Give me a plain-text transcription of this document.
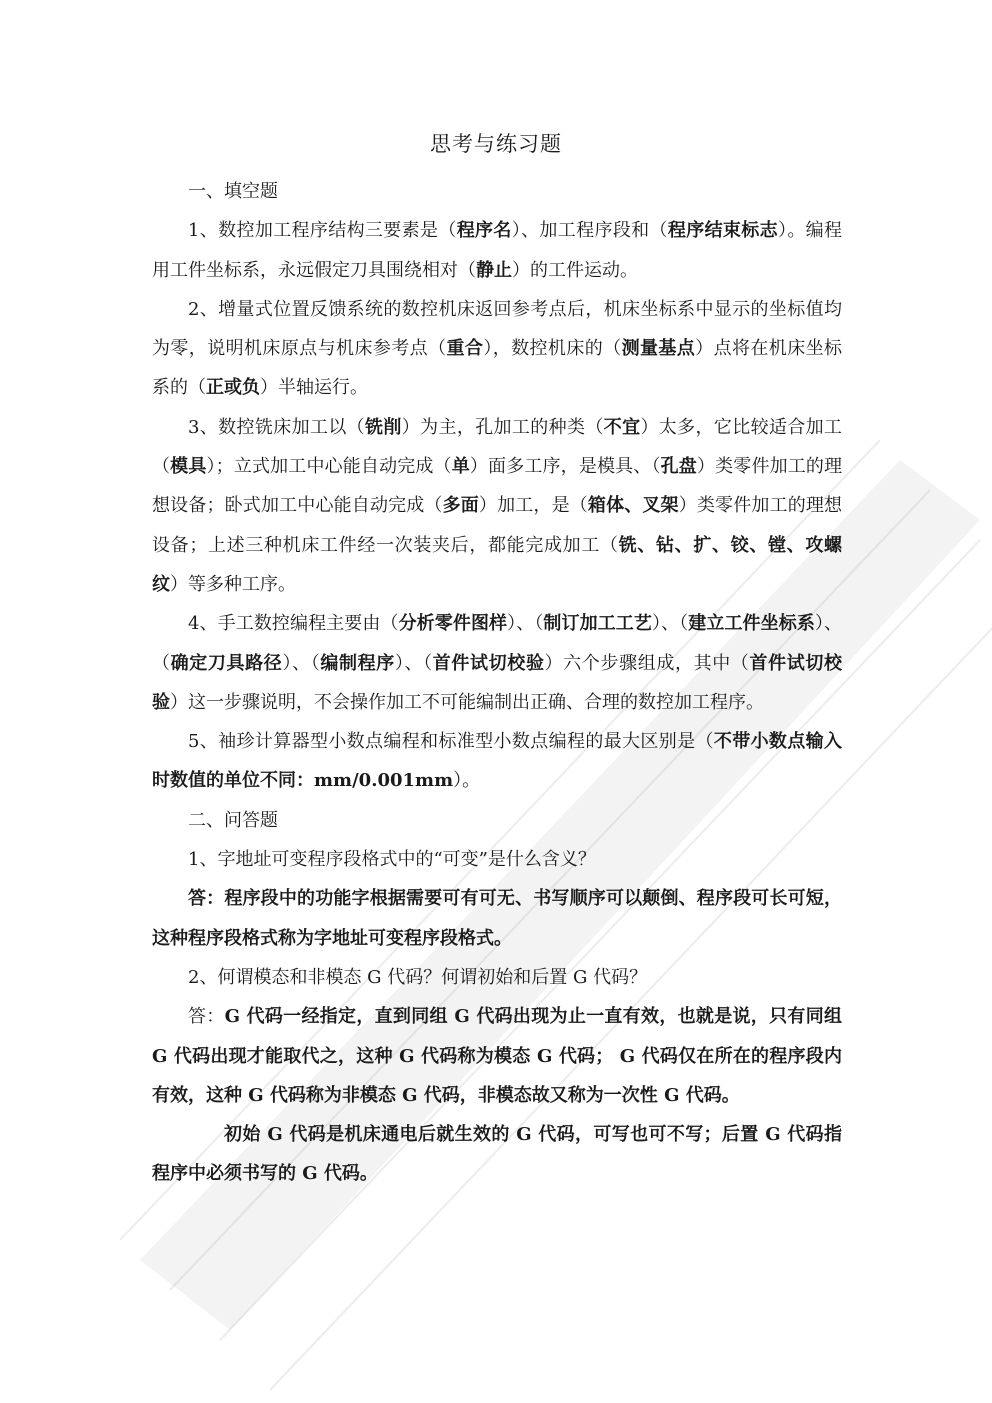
思考与练习题

一、填空题

1、数控加工程序结构三要素是（程序名）、加工程序段和（程序结束标志）。编程用工件坐标系，永远假定刀具围绕相对（静止）的工件运动。

2、增量式位置反馈系统的数控机床返回参考点后，机床坐标系中显示的坐标值均为零，说明机床原点与机床参考点（重合），数控机床的（测量基点）点将在机床坐标系的（正或负）半轴运行。

3、数控铣床加工以（铣削）为主，孔加工的种类（不宜）太多，它比较适合加工（模具）；立式加工中心能自动完成（单）面多工序，是模具、（孔盘）类零件加工的理想设备；卧式加工中心能自动完成（多面）加工，是（箱体、叉架）类零件加工的理想设备；上述三种机床工件经一次装夹后，都能完成加工（铣、钻、扩、铰、镗、攻螺纹）等多种工序。

4、手工数控编程主要由（分析零件图样）、（制订加工工艺）、（建立工件坐标系）、（确定刀具路径）、（编制程序）、（首件试切校验）六个步骤组成，其中（首件试切校验）这一步骤说明，不会操作加工不可能编制出正确、合理的数控加工程序。

5、袖珍计算器型小数点编程和标准型小数点编程的最大区别是（不带小数点输入时数值的单位不同：mm/0.001mm）。

二、问答题

1、字地址可变程序段格式中的“可变”是什么含义？

答：程序段中的功能字根据需要可有可无、书写顺序可以颠倒、程序段可长可短，这种程序段格式称为字地址可变程序段格式。

2、何谓模态和非模态 G 代码？何谓初始和后置 G 代码？

答：G 代码一经指定，直到同组 G 代码出现为止一直有效，也就是说，只有同组 G 代码出现才能取代之，这种 G 代码称为模态 G 代码； G 代码仅在所在的程序段内有效，这种 G 代码称为非模态 G 代码，非模态故又称为一次性 G 代码。

初始 G 代码是机床通电后就生效的 G 代码，可写也可不写；后置 G 代码指程序中必须书写的 G 代码。
